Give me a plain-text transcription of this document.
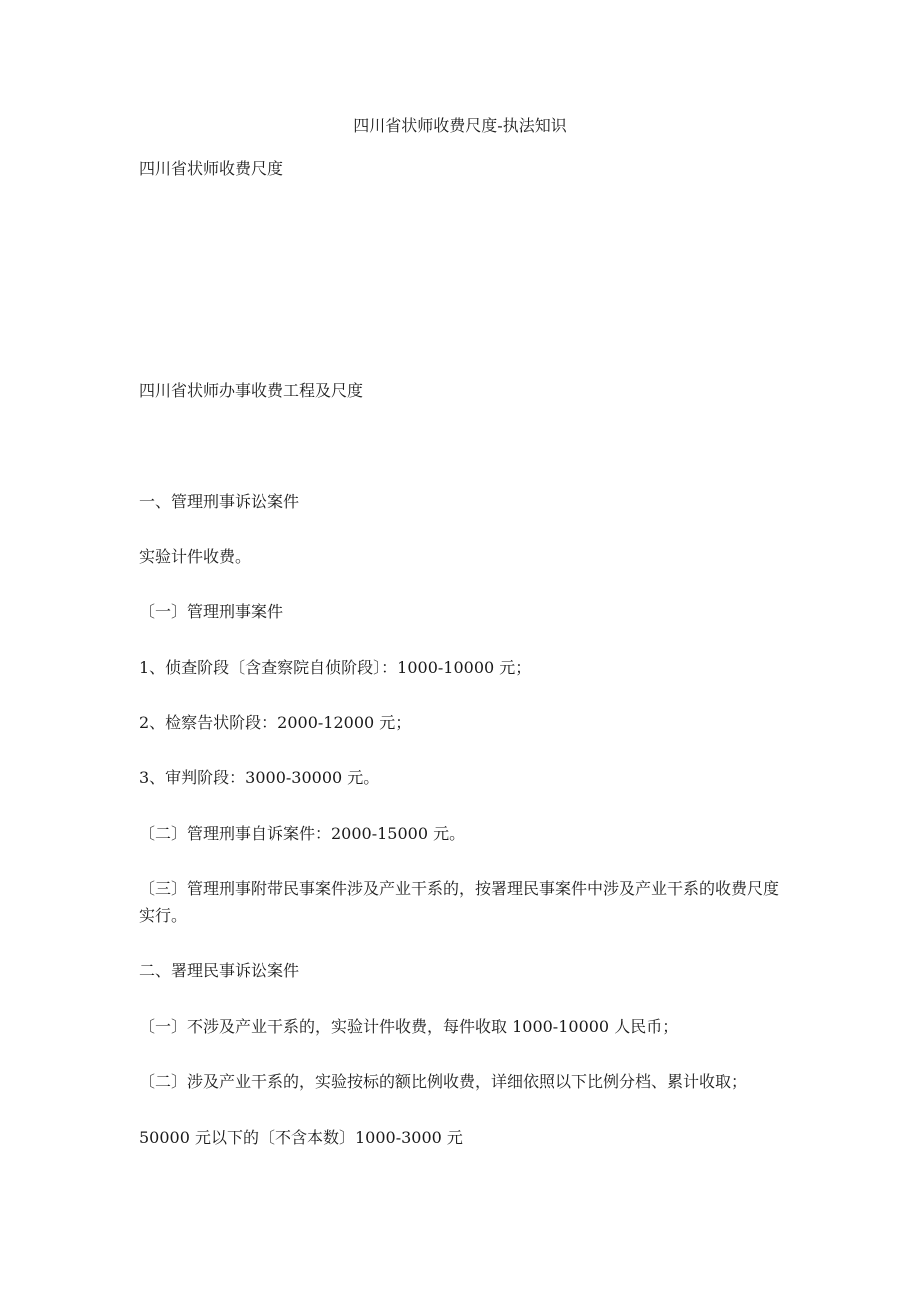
四川省状师收费尺度-执法知识

四川省状师收费尺度

四川省状师办事收费工程及尺度

一、管理刑事诉讼案件

实验计件收费。

〔一〕管理刑事案件

1、侦查阶段〔含查察院自侦阶段〕：1000-10000 元；

2、检察告状阶段：2000-12000 元；

3、审判阶段：3000-30000 元。

〔二〕管理刑事自诉案件：2000-15000 元。

〔三〕管理刑事附带民事案件涉及产业干系的，按署理民事案件中涉及产业干系的收费尺度实行。

二、署理民事诉讼案件

〔一〕不涉及产业干系的，实验计件收费，每件收取 1000-10000 人民币；

〔二〕涉及产业干系的，实验按标的额比例收费，详细依照以下比例分档、累计收取；

50000 元以下的〔不含本数〕1000-3000 元
